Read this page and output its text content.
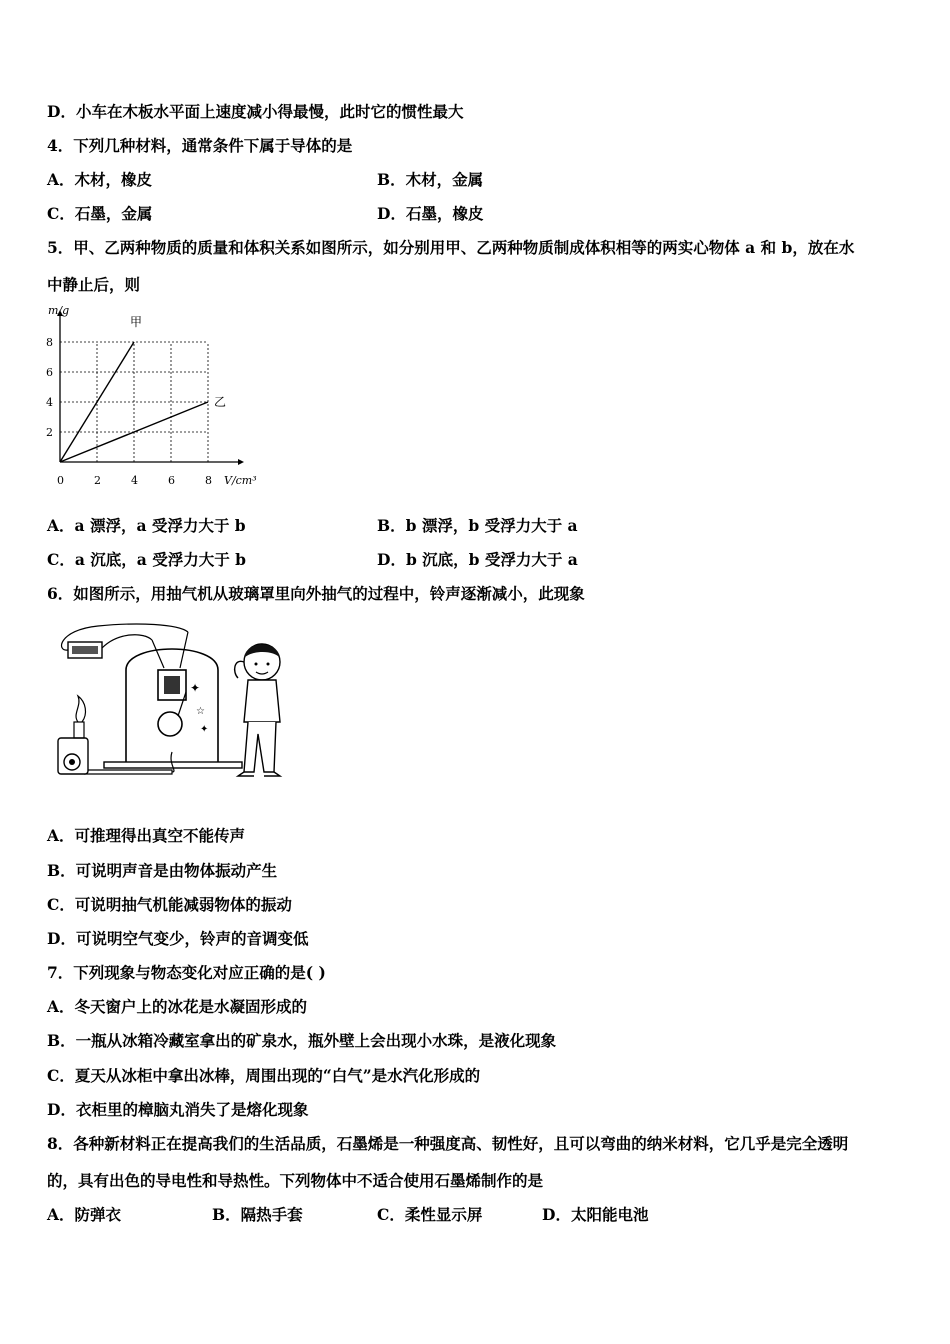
D．小车在木板水平面上速度减小得最慢，此时它的惯性最大
4．下列几种材料，通常条件下属于导体的是
A．木材，橡皮	B．木材，金属
C．石墨，金属	D．石墨，橡皮
5．甲、乙两种物质的质量和体积关系如图所示，如分别用甲、乙两种物质制成体积相等的两实心物体 a 和 b，放在水
中静止后，则
m/g
V/cm³
0	2	4	6	8
2
4
6
8
甲
乙
A．a 漂浮，a 受浮力大于 b	B．b 漂浮，b 受浮力大于 a
C．a 沉底，a 受浮力大于 b	D．b 沉底，b 受浮力大于 a
6．如图所示，用抽气机从玻璃罩里向外抽气的过程中，铃声逐渐减小，此现象
✦
☆
✦
A．可推理得出真空不能传声
B．可说明声音是由物体振动产生
C．可说明抽气机能减弱物体的振动
D．可说明空气变少，铃声的音调变低
7．下列现象与物态变化对应正确的是( )
A．冬天窗户上的冰花是水凝固形成的
B．一瓶从冰箱冷藏室拿出的矿泉水，瓶外壁上会出现小水珠，是液化现象
C．夏天从冰柜中拿出冰棒，周围出现的“白气”是水汽化形成的
D．衣柜里的樟脑丸消失了是熔化现象
8．各种新材料正在提高我们的生活品质，石墨烯是一种强度高、韧性好，且可以弯曲的纳米材料，它几乎是完全透明
的，具有出色的导电性和导热性。下列物体中不适合使用石墨烯制作的是
A．防弹衣	B．隔热手套	C．柔性显示屏	D．太阳能电池
